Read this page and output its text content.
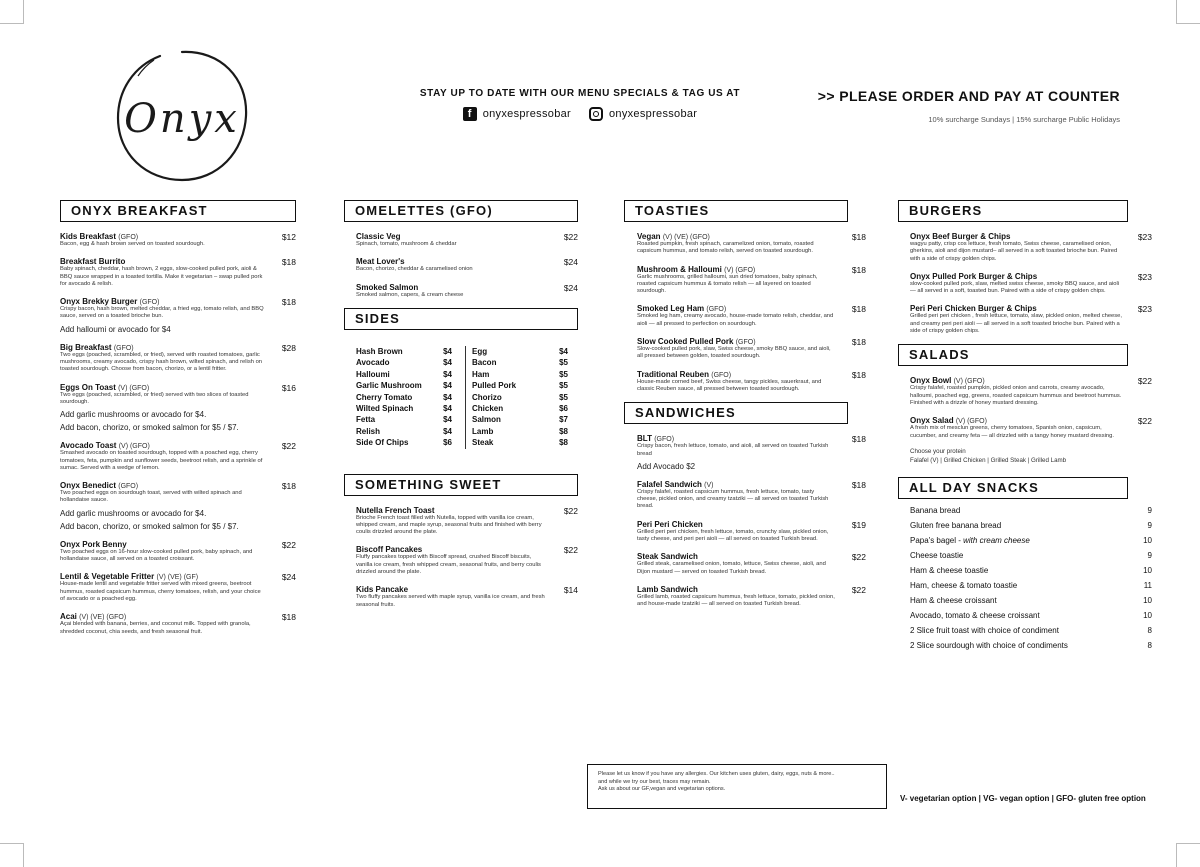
Onyx
STAY UP TO DATE WITH OUR MENU SPECIALS & TAG US AT
f	onyxespressobar	onyxespressobar
>> PLEASE ORDER AND PAY AT COUNTER
10% surcharge Sundays | 15% surcharge Public Holidays
ONYX BREAKFAST
Kids Breakfast (GFO)	$12
Bacon, egg & hash brown served on toasted sourdough.
Breakfast Burrito	$18
Baby spinach, cheddar, hash brown, 2 eggs, slow-cooked pulled pork, aioli & BBQ sauce wrapped in a toasted tortilla. Make it vegetarian – swap pulled pork for avocado & relish.
Onyx Brekky Burger (GFO)	$18
Crispy bacon, hash brown, melted cheddar, a fried egg, tomato relish, and BBQ sauce, served on a toasted brioche bun.
Add halloumi or avocado for $4
Big Breakfast (GFO)	$28
Two eggs (poached, scrambled, or fried), served with roasted tomatoes, garlic mushrooms, creamy avocado, crispy hash brown, wilted spinach, and relish on toasted sourdough. Choose from bacon, chorizo, or a lentil fritter.
Eggs On Toast (V) (GFO)	$16
Two eggs (poached, scrambled, or fried) served with two slices of toasted sourdough.
Add garlic mushrooms or avocado for $4.
Add bacon, chorizo, or smoked salmon for $5 / $7.
Avocado Toast (V) (GFO)	$22
Smashed avocado on toasted sourdough, topped with a poached egg, cherry tomatoes, feta, pumpkin and sunflower seeds, beetroot relish, and a sprinkle of sumac. Served with a wedge of lemon.
Onyx Benedict (GFO)	$18
Two poached eggs on sourdough toast, served with wilted spinach and hollandaise sauce.
Add garlic mushrooms or avocado for $4.
Add bacon, chorizo, or smoked salmon for $5 / $7.
Onyx Pork Benny	$22
Two poached eggs on 16-hour slow-cooked pulled pork, baby spinach, and hollandaise sauce, all served on a toasted croissant.
Lentil & Vegetable Fritter (V) (VE) (GF)	$24
House-made lentil and vegetable fritter served with mixed greens, beetroot hummus, roasted capsicum hummus, cherry tomatoes, relish, and your choice of avocado or a poached egg.
Acai (V) (VE) (GFO)	$18
Açai blended with banana, berries, and coconut milk. Topped with granola, shredded coconut, chia seeds, and fresh seasonal fruit.
OMELETTES (GFO)
Classic Veg	$22
Spinach, tomato, mushroom & cheddar
Meat Lover's	$24
Bacon, chorizo, cheddar & caramelised onion
Smoked Salmon	$24
Smoked salmon, capers, & cream cheese
SIDES
Hash Brown	$4
Avocado	$4
Halloumi	$4
Garlic Mushroom	$4
Cherry Tomato	$4
Wilted Spinach	$4
Fetta	$4
Relish	$4
Side Of Chips	$6
Egg	$4
Bacon	$5
Ham	$5
Pulled Pork	$5
Chorizo	$5
Chicken	$6
Salmon	$7
Lamb	$8
Steak	$8
SOMETHING SWEET
Nutella French Toast	$22
Brioche French toast filled with Nutella, topped with vanilla ice cream, whipped cream, and maple syrup, seasonal fruits and finished with berry coulis drizzled around the plate.
Biscoff Pancakes	$22
Fluffy pancakes topped with Biscoff spread, crushed Biscoff biscuits, vanilla ice cream, fresh whipped cream, seasonal fruits, and berry coulis drizzled around the plate.
Kids Pancake	$14
Two fluffy pancakes served with maple syrup, vanilla ice cream, and fresh seasonal fruits.
TOASTIES
Vegan (V) (VE) (GFO)	$18
Roasted pumpkin, fresh spinach, caramelized onion, tomato, roasted capsicum hummus, and tomato relish, served on toasted sourdough.
Mushroom & Halloumi (V) (GFO)	$18
Garlic mushrooms, grilled halloumi, sun dried tomatoes, baby spinach, roasted capsicum hummus & tomato relish — all layered on toasted sourdough.
Smoked Leg Ham (GFO)	$18
Smoked leg ham, creamy avocado, house-made tomato relish, cheddar, and aioli — all pressed to perfection on sourdough.
Slow Cooked Pulled Pork (GFO)	$18
Slow-cooked pulled pork, slaw, Swiss cheese, smoky BBQ sauce, and aioli, all pressed between golden, toasted sourdough.
Traditional Reuben (GFO)	$18
House-made corned beef, Swiss cheese, tangy pickles, sauerkraut, and classic Reuben sauce, all pressed between toasted sourdough.
SANDWICHES
BLT (GFO)	$18
Crispy bacon, fresh lettuce, tomato, and aioli, all served on toasted Turkish bread
Add Avocado $2
Falafel Sandwich (V)	$18
Crispy falafel, roasted capsicum hummus, fresh lettuce, tomato, tasty cheese, pickled onion, and creamy tzatziki — all served on toasted Turkish bread.
Peri Peri Chicken	$19
Grilled peri peri chicken, fresh lettuce, tomato, crunchy slaw, pickled onion, tasty cheese, and peri peri aioli — all served on toasted Turkish bread.
Steak Sandwich	$22
Grilled steak, caramelised onion, tomato, lettuce, Swiss cheese, aioli, and Dijon mustard — served on toasted Turkish bread.
Lamb Sandwich	$22
Grilled lamb, roasted capsicum hummus, fresh lettuce, tomato, pickled onion, and house-made tzatziki — all served on toasted Turkish bread.
BURGERS
Onyx Beef Burger & Chips	$23
wagyu patty, crisp cos lettuce, fresh tomato, Swiss cheese, caramelised onion, gherkins, aioli and dijon mustard– all served in a soft toasted brioche bun. Paired with a side of crispy golden chips.
Onyx Pulled Pork Burger & Chips	$23
slow-cooked pulled pork, slaw, melted swiss cheese, smoky BBQ sauce, and aioli — all served in a soft, toasted bun. Paired with a side of crispy golden chips.
Peri Peri Chicken Burger & Chips	$23
Grilled peri peri chicken , fresh lettuce, tomato, slaw, pickled onion, melted cheese, and creamy peri peri aioli — all served in a soft toasted brioche bun. Paired with a side of crispy golden chips.
SALADS
Onyx Bowl (V) (GFO)	$22
Crispy falafel, roasted pumpkin, pickled onion and carrots, creamy avocado, halloumi, poached egg, greens, roasted capsicum hummus and beetroot hummus. Finished with a drizzle of honey mustard dressing.
Onyx Salad (V) (GFO)	$22
A fresh mix of mesclun greens, cherry tomatoes, Spanish onion, capsicum, cucumber, and creamy feta — all drizzled with a tangy honey mustard dressing.
Choose your protein
Falafel (V) | Grilled Chicken | Grilled Steak | Grilled Lamb
ALL DAY SNACKS
Banana bread	9
Gluten free banana bread	9
Papa's bagel - with cream cheese	10
Cheese toastie	9
Ham & cheese toastie	10
Ham, cheese & tomato toastie	11
Ham & cheese croissant	10
Avocado, tomato & cheese croissant	10
2 Slice fruit toast with choice of condiment	8
2 Slice sourdough with choice of condiments	8
Please let us know if you have any allergies. Our kitchen uses gluten, dairy, eggs, nuts & more..
and while we try our best, traces may remain.
Ask us about our GF,vegan and vegetarian options.
V- vegetarian option | VG- vegan option | GFO- gluten free option
